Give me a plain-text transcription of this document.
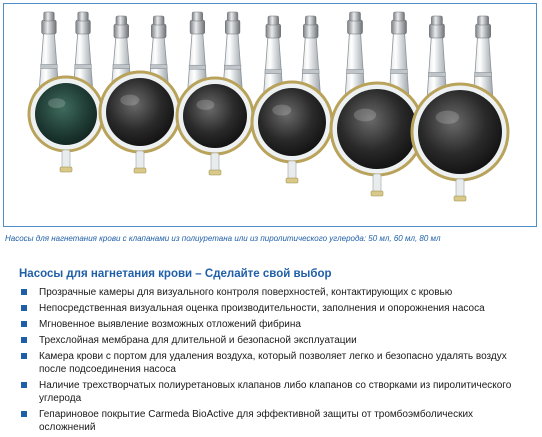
Насосы для нагнетания крови с клапанами из полиуретана или из пиролитического углерода: 50 мл, 60 мл, 80 мл
Насосы для нагнетания крови – Сделайте свой выбор
Прозрачные камеры для визуального контроля поверхностей, контактирующих с кровью
Непосредственная визуальная оценка производительности, заполнения и опорожнения насоса
Мгновенное выявление возможных отложений фибрина
Трехслойная мембрана для длительной и безопасной эксплуатации
Камера крови с портом для удаления воздуха, который позволяет легко и безопасно удалять воздух после подсоединения насоса
Наличие трехстворчатых полиуретановых клапанов либо клапанов со створками из пиролитического углерода
Гепариновое покрытие Carmeda BioActive для эффективной защиты от тромбоэмболических осложнений
